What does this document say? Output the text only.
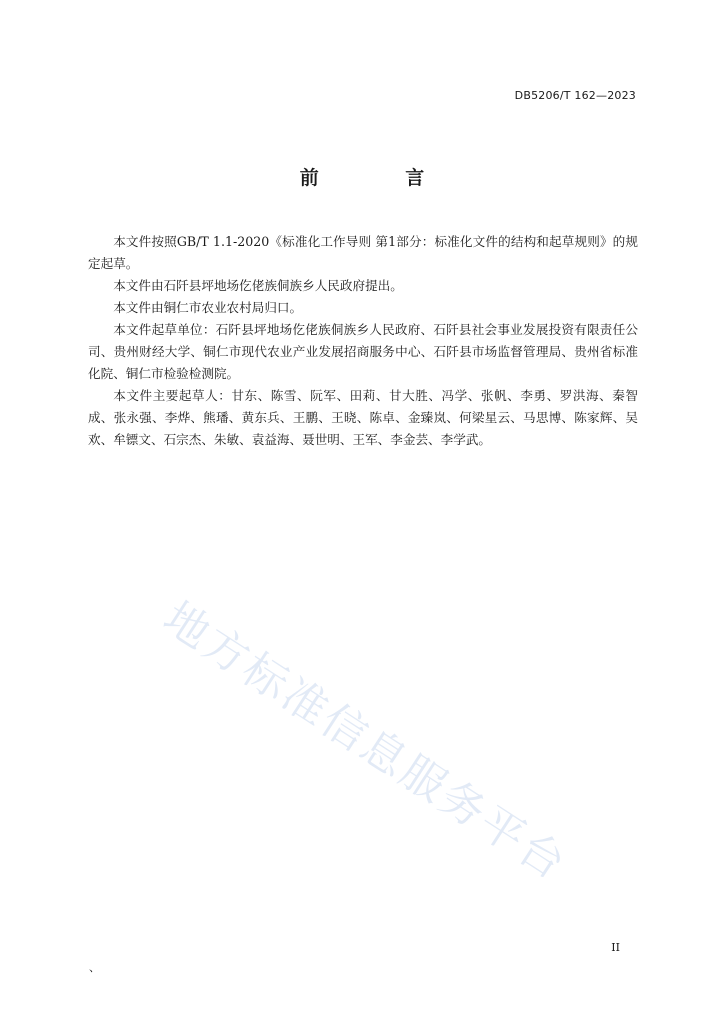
DB5206/T 162—2023
前 言

本文件按照GB/T 1.1-2020《标准化工作导则 第1部分：标准化文件的结构和起草规则》的规定起草。

本文件由石阡县坪地场仡佬族侗族乡人民政府提出。

本文件由铜仁市农业农村局归口。

本文件起草单位：石阡县坪地场仡佬族侗族乡人民政府、石阡县社会事业发展投资有限责任公司、贵州财经大学、铜仁市现代农业产业发展招商服务中心、石阡县市场监督管理局、贵州省标准化院、铜仁市检验检测院。

本文件主要起草人：甘东、陈雪、阮军、田莉、甘大胜、冯学、张帆、李勇、罗洪海、秦智成、张永强、李烨、熊璠、黄东兵、王鹏、王晓、陈卓、金臻岚、何梁星云、马思博、陈家辉、吴欢、牟镖文、石宗杰、朱敏、袁益海、聂世明、王军、李金芸、李学武。

地方标准信息服务平台
II
、
